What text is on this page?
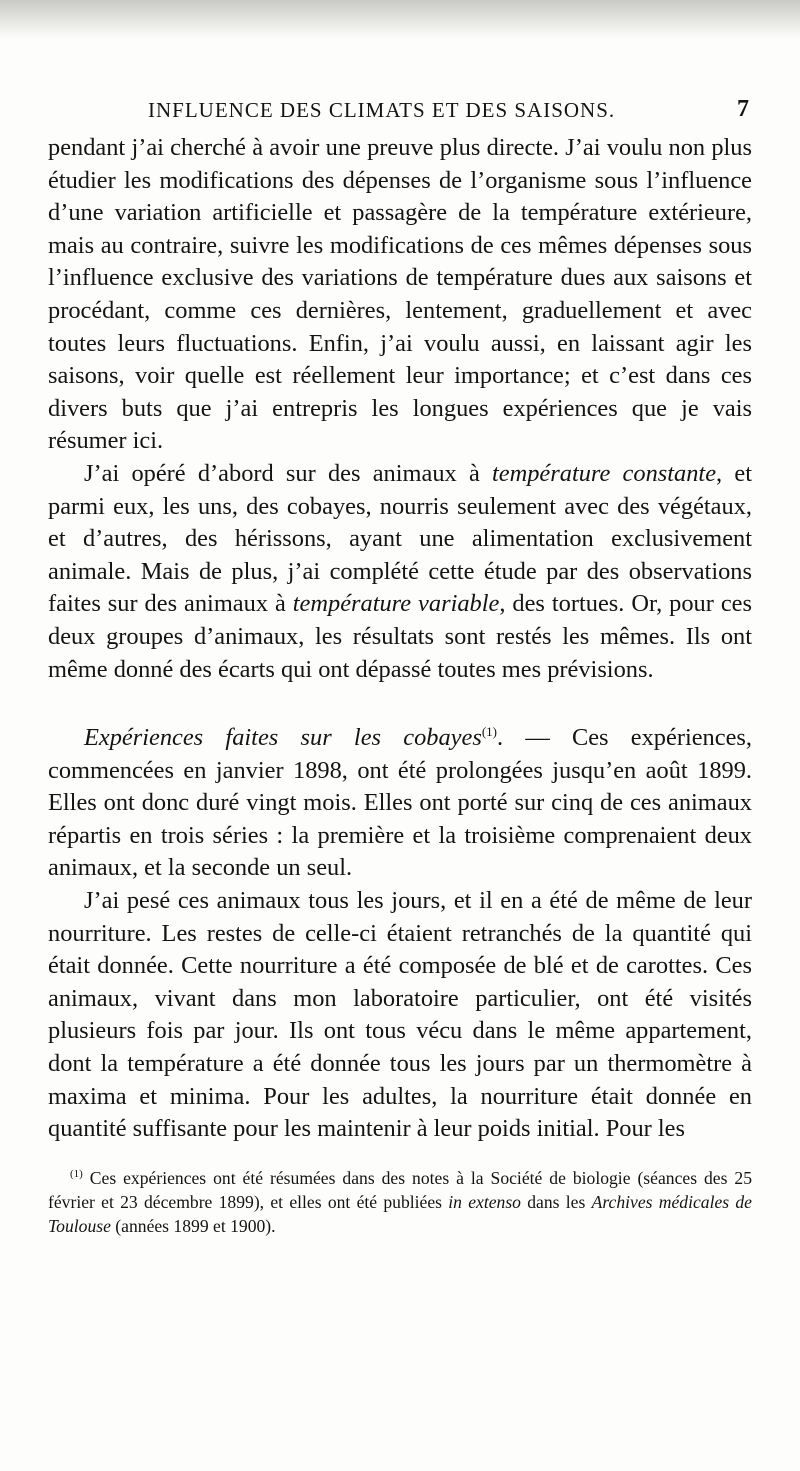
INFLUENCE DES CLIMATS ET DES SAISONS.	7

pendant j’ai cherché à avoir une preuve plus directe. J’ai voulu non plus étudier les modifications des dépenses de l’organisme sous l’influence d’une variation artificielle et passagère de la température extérieure, mais au contraire, suivre les modifications de ces mêmes dépenses sous l’influence exclusive des variations de température dues aux saisons et procédant, comme ces dernières, lentement, graduellement et avec toutes leurs fluctuations. Enfin, j’ai voulu aussi, en laissant agir les saisons, voir quelle est réellement leur importance; et c’est dans ces divers buts que j’ai entrepris les longues expériences que je vais résumer ici.

J’ai opéré d’abord sur des animaux à température constante, et parmi eux, les uns, des cobayes, nourris seulement avec des végétaux, et d’autres, des hérissons, ayant une alimentation exclusivement animale. Mais de plus, j’ai complété cette étude par des observations faites sur des animaux à température variable, des tortues. Or, pour ces deux groupes d’animaux, les résultats sont restés les mêmes. Ils ont même donné des écarts qui ont dépassé toutes mes prévisions.

Expériences faites sur les cobayes$^{(1)}$. — Ces expériences, commencées en janvier 1898, ont été prolongées jusqu’en août 1899. Elles ont donc duré vingt mois. Elles ont porté sur cinq de ces animaux répartis en trois séries : la première et la troisième comprenaient deux animaux, et la seconde un seul.

J’ai pesé ces animaux tous les jours, et il en a été de même de leur nourriture. Les restes de celle-ci étaient retranchés de la quantité qui était donnée. Cette nourriture a été composée de blé et de carottes. Ces animaux, vivant dans mon laboratoire particulier, ont été visités plusieurs fois par jour. Ils ont tous vécu dans le même appartement, dont la température a été donnée tous les jours par un thermomètre à maxima et minima. Pour les adultes, la nourriture était donnée en quantité suffisante pour les maintenir à leur poids initial. Pour les

$^{(1)}$ Ces expériences ont été résumées dans des notes à la Société de biologie (séances des 25 février et 23 décembre 1899), et elles ont été publiées in extenso dans les Archives médicales de Toulouse (années 1899 et 1900).
